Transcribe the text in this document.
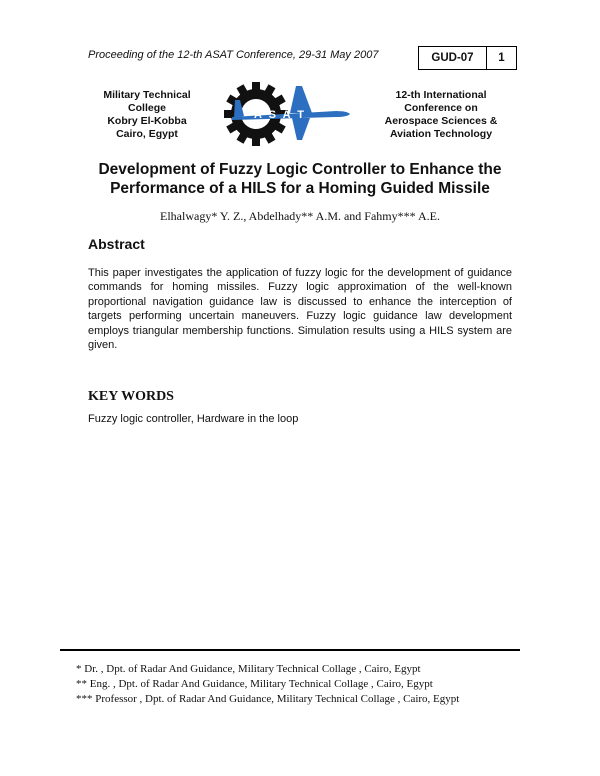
Proceeding of the 12-th ASAT Conference, 29-31 May 2007	GUD-07	1
Military Technical
College
Kobry El-Kobba
Cairo, Egypt
A S A T
12-th International
Conference on
Aerospace Sciences &
Aviation Technology
Development of Fuzzy Logic Controller to Enhance the
Performance of a HILS for a Homing Guided Missile
Elhalwagy* Y. Z., Abdelhady** A.M. and Fahmy*** A.E.
Abstract
This paper investigates the application of fuzzy logic for the development of guidance commands for homing missiles. Fuzzy logic approximation of the well-known proportional navigation guidance law is discussed to enhance the interception of targets performing uncertain maneuvers. Fuzzy logic guidance law development employs triangular membership functions. Simulation results using a HILS system are given.
KEY WORDS
Fuzzy logic controller, Hardware in the loop
* Dr. , Dpt. of Radar And Guidance, Military Technical Collage , Cairo, Egypt
** Eng. , Dpt. of Radar And Guidance, Military Technical Collage , Cairo, Egypt
*** Professor , Dpt. of Radar And Guidance, Military Technical Collage , Cairo, Egypt
